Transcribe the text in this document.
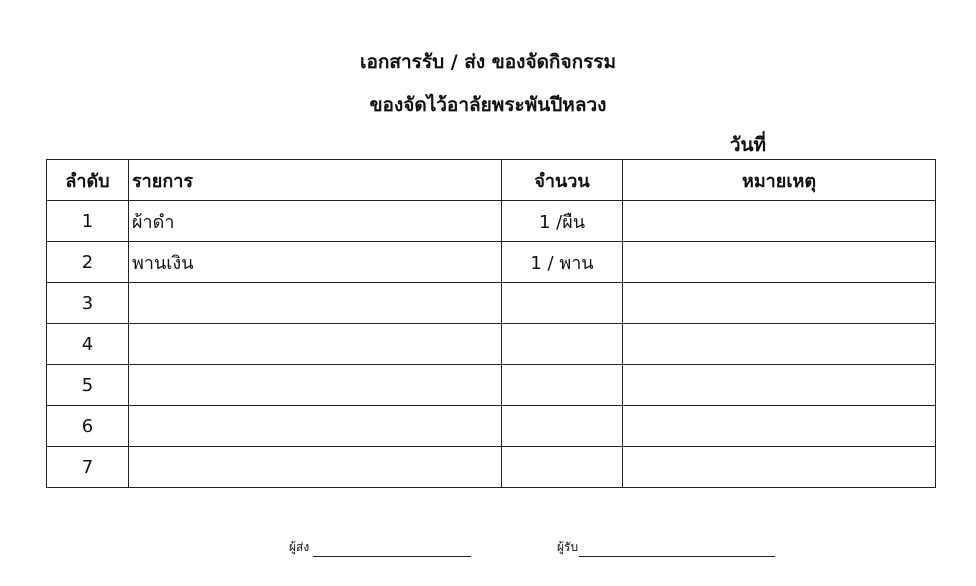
เอกสารรับ / ส่ง ของจัดกิจกรรม
ของจัดไว้อาลัยพระพันปีหลวง
วันที่
ลำดับ	รายการ	จำนวน	หมายเหตุ
1	ผ้าดำ	1 /ผืน	
2	พานเงิน	1 / พาน	
3			
4			
5			
6			
7			
ผู้ส่ง	ผู้รับ
